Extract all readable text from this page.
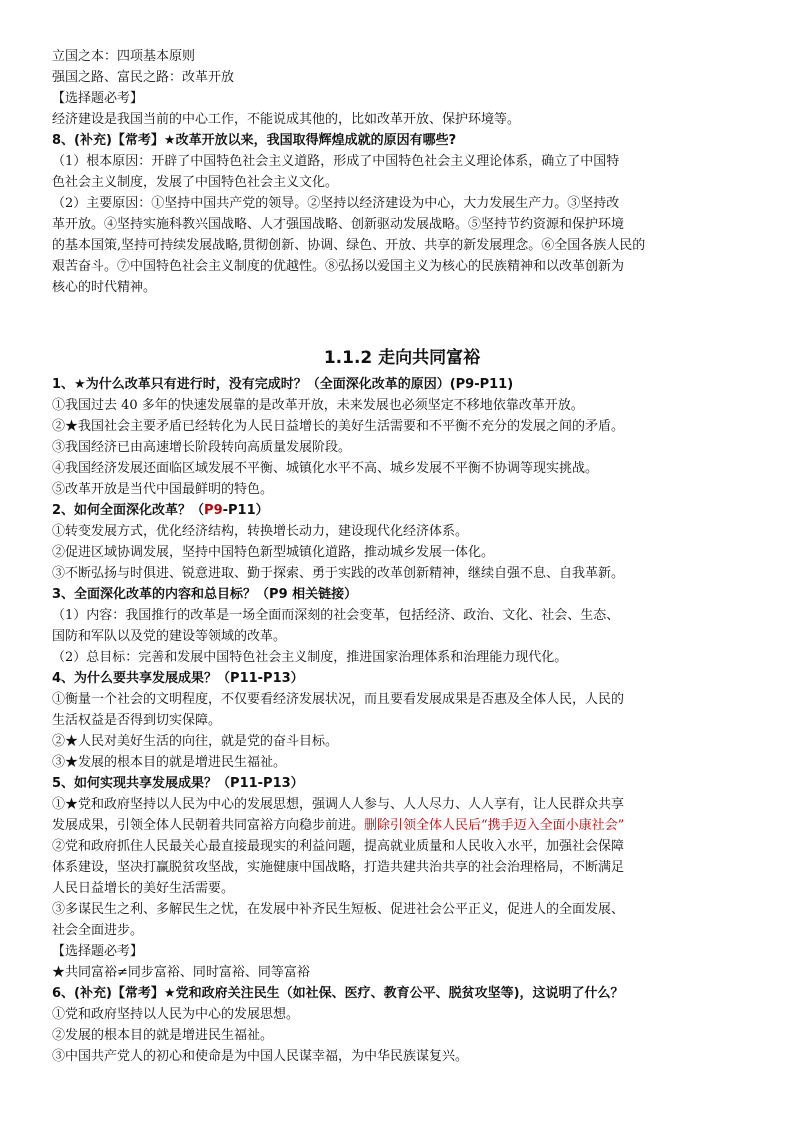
立国之本：四项基本原则
强国之路、富民之路：改革开放
【选择题必考】
经济建设是我国当前的中心工作，不能说成其他的，比如改革开放、保护环境等。
8、(补充)【常考】★改革开放以来，我国取得辉煌成就的原因有哪些?
（1）根本原因：开辟了中国特色社会主义道路，形成了中国特色社会主义理论体系，确立了中国特
色社会主义制度，发展了中国特色社会主义文化。
（2）主要原因：①坚持中国共产党的领导。②坚持以经济建设为中心，大力发展生产力。③坚持改
革开放。④坚持实施科教兴国战略、人才强国战略、创新驱动发展战略。⑤坚持节约资源和保护环境
的基本国策,坚持可持续发展战略,贯彻创新、协调、绿色、开放、共享的新发展理念。⑥全国各族人民的
艰苦奋斗。⑦中国特色社会主义制度的优越性。⑧弘扬以爱国主义为核心的民族精神和以改革创新为
核心的时代精神。
1.1.2 走向共同富裕
1、★为什么改革只有进行时，没有完成时？（全面深化改革的原因）(P9-P11)
①我国过去 40 多年的快速发展靠的是改革开放，未来发展也必须坚定不移地依靠改革开放。
②★我国社会主要矛盾已经转化为人民日益增长的美好生活需要和不平衡不充分的发展之间的矛盾。
③我国经济已由高速增长阶段转向高质量发展阶段。
④我国经济发展还面临区域发展不平衡、城镇化水平不高、城乡发展不平衡不协调等现实挑战。
⑤改革开放是当代中国最鲜明的特色。
2、如何全面深化改革？（P9-P11）
①转变发展方式，优化经济结构，转换增长动力，建设现代化经济体系。
②促进区域协调发展，坚持中国特色新型城镇化道路，推动城乡发展一体化。
③不断弘扬与时俱进、锐意进取、勤于探索、勇于实践的改革创新精神，继续自强不息、自我革新。
3、全面深化改革的内容和总目标？（P9 相关链接）
（1）内容：我国推行的改革是一场全面而深刻的社会变革，包括经济、政治、文化、社会、生态、
国防和军队以及党的建设等领域的改革。
（2）总目标：完善和发展中国特色社会主义制度，推进国家治理体系和治理能力现代化。
4、为什么要共享发展成果？（P11-P13）
①衡量一个社会的文明程度，不仅要看经济发展状况，而且要看发展成果是否惠及全体人民，人民的
生活权益是否得到切实保障。
②★人民对美好生活的向往，就是党的奋斗目标。
③★发展的根本目的就是增进民生福祉。
5、如何实现共享发展成果？（P11-P13）
①★党和政府坚持以人民为中心的发展思想，强调人人参与、人人尽力、人人享有，让人民群众共享
发展成果，引领全体人民朝着共同富裕方向稳步前进。删除引领全体人民后“携手迈入全面小康社会”
②党和政府抓住人民最关心最直接最现实的利益问题，提高就业质量和人民收入水平，加强社会保障
体系建设，坚决打赢脱贫攻坚战，实施健康中国战略，打造共建共治共享的社会治理格局，不断满足
人民日益增长的美好生活需要。
③多谋民生之利、多解民生之忧，在发展中补齐民生短板、促进社会公平正义，促进人的全面发展、
社会全面进步。
【选择题必考】
★共同富裕≠同步富裕、同时富裕、同等富裕
6、(补充)【常考】★党和政府关注民生（如社保、医疗、教育公平、脱贫攻坚等)，这说明了什么？
①党和政府坚持以人民为中心的发展思想。
②发展的根本目的就是增进民生福祉。
③中国共产党人的初心和使命是为中国人民谋幸福，为中华民族谋复兴。
